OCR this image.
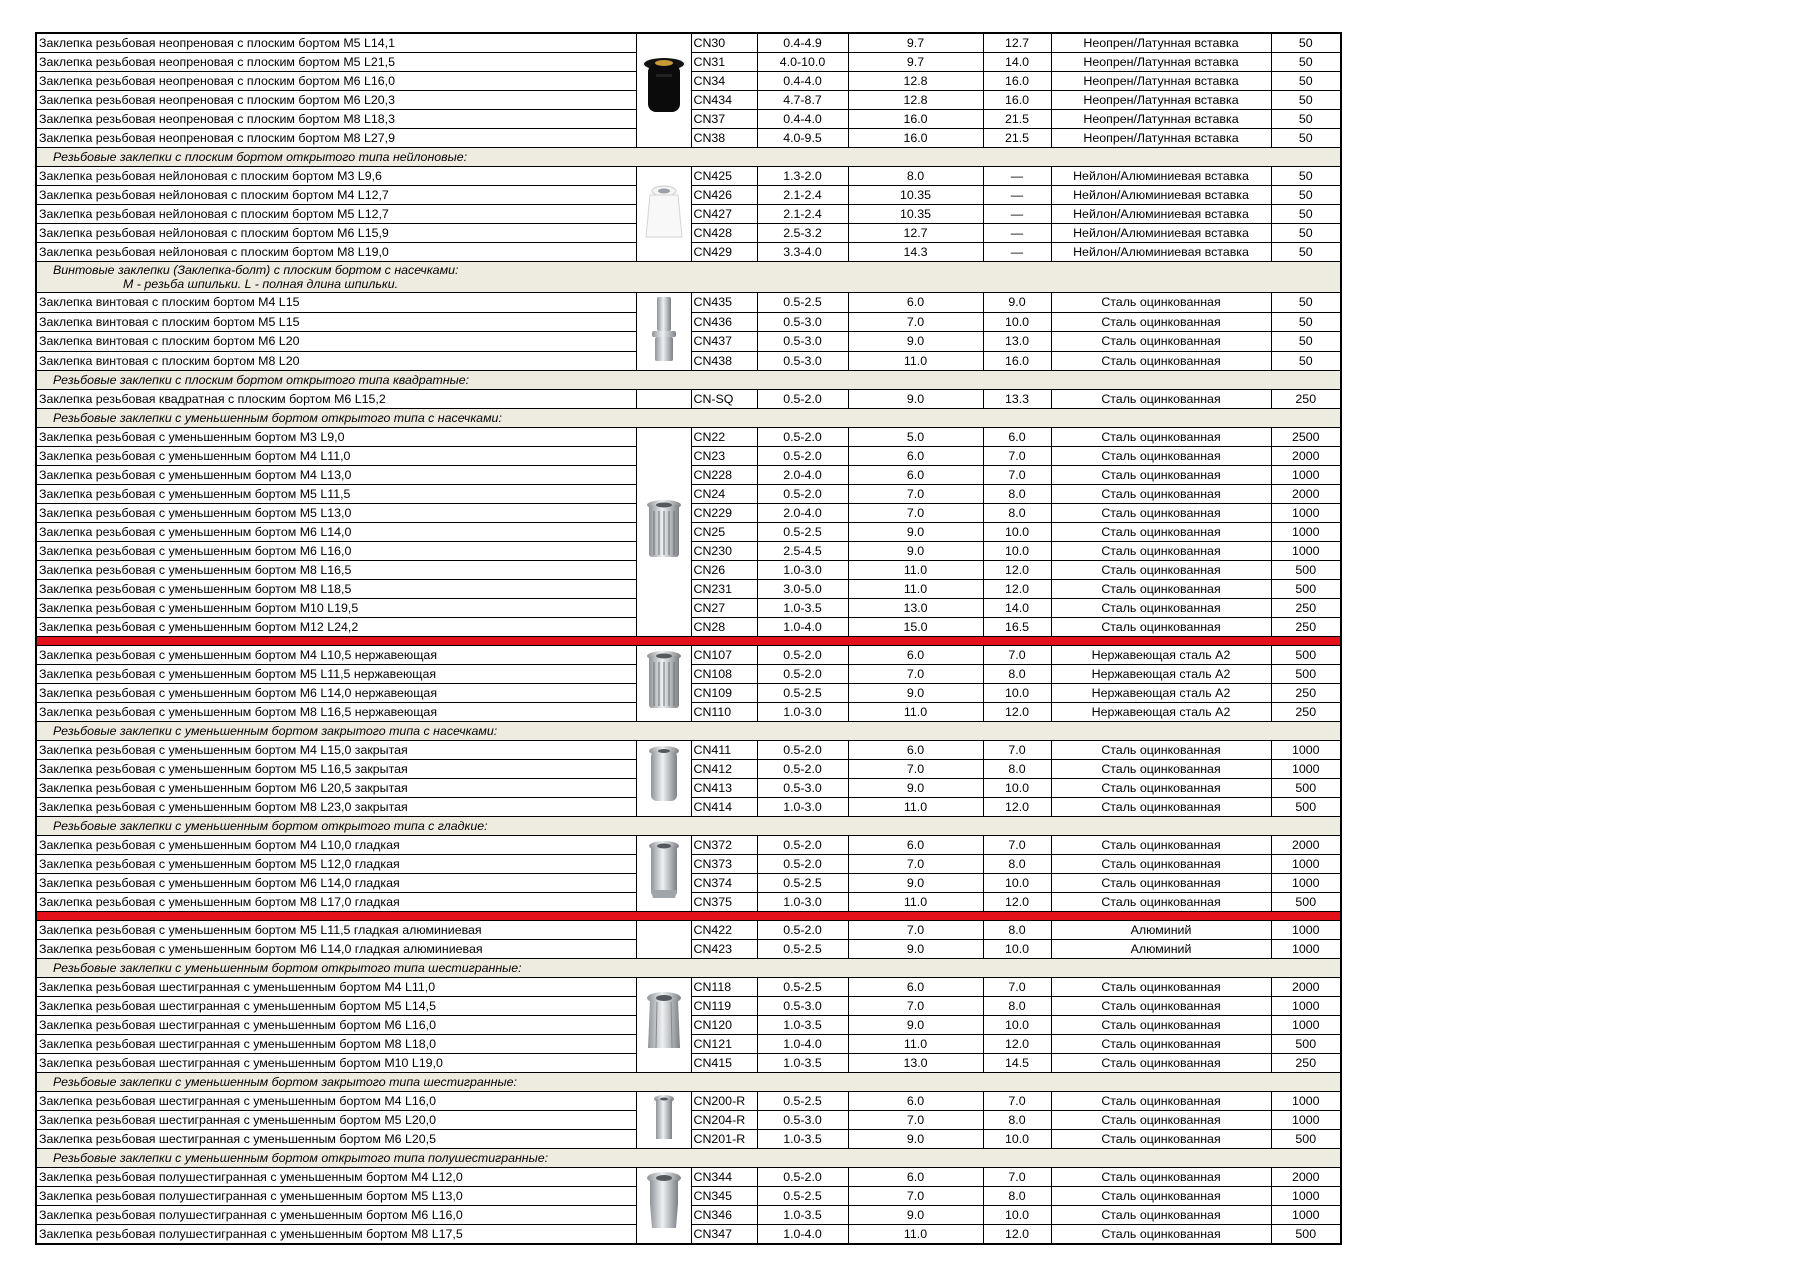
Заклепка резьбовая неопреновая с плоским бортом М5 L14,1		CN30	0.4-4.9	9.7	12.7	Неопрен/Латунная вставка	50
Заклепка резьбовая неопреновая с плоским бортом М5 L21,5		CN31	4.0-10.0	9.7	14.0	Неопрен/Латунная вставка	50
Заклепка резьбовая неопреновая с плоским бортом М6 L16,0		CN34	0.4-4.0	12.8	16.0	Неопрен/Латунная вставка	50
Заклепка резьбовая неопреновая с плоским бортом М6 L20,3		CN434	4.7-8.7	12.8	16.0	Неопрен/Латунная вставка	50
Заклепка резьбовая неопреновая с плоским бортом М8 L18,3		CN37	0.4-4.0	16.0	21.5	Неопрен/Латунная вставка	50
Заклепка резьбовая неопреновая с плоским бортом М8 L27,9		CN38	4.0-9.5	16.0	21.5	Неопрен/Латунная вставка	50
Резьбовые заклепки с плоским бортом открытого типа нейлоновые:							
Заклепка резьбовая нейлоновая с плоским бортом М3 L9,6		CN425	1.3-2.0	8.0	—	Нейлон/Алюминиевая вставка	50
Заклепка резьбовая нейлоновая с плоским бортом М4 L12,7		CN426	2.1-2.4	10.35	—	Нейлон/Алюминиевая вставка	50
Заклепка резьбовая нейлоновая с плоским бортом М5 L12,7		CN427	2.1-2.4	10.35	—	Нейлон/Алюминиевая вставка	50
Заклепка резьбовая нейлоновая с плоским бортом М6 L15,9		CN428	2.5-3.2	12.7	—	Нейлон/Алюминиевая вставка	50
Заклепка резьбовая нейлоновая с плоским бортом М8 L19,0		CN429	3.3-4.0	14.3	—	Нейлон/Алюминиевая вставка	50
Винтовые заклепки (Заклепка-болт) с плоским бортом с насечками:
M - резьба шпильки. L - полная длина шпильки.							

Заклепка винтовая с плоским бортом М4 L15		CN435	0.5-2.5	6.0	9.0	Сталь оцинкованная	50
Заклепка винтовая с плоским бортом М5 L15		CN436	0.5-3.0	7.0	10.0	Сталь оцинкованная	50
Заклепка винтовая с плоским бортом М6 L20		CN437	0.5-3.0	9.0	13.0	Сталь оцинкованная	50
Заклепка винтовая с плоским бортом М8 L20		CN438	0.5-3.0	11.0	16.0	Сталь оцинкованная	50
Резьбовые заклепки с плоским бортом открытого типа квадратные:							
Заклепка резьбовая квадратная с плоским бортом М6 L15,2		CN-SQ	0.5-2.0	9.0	13.3	Сталь оцинкованная	250
Резьбовые заклепки с уменьшенным бортом открытого типа с насечками:							
Заклепка резьбовая с уменьшенным бортом М3 L9,0		CN22	0.5-2.0	5.0	6.0	Сталь оцинкованная	2500
Заклепка резьбовая с уменьшенным бортом М4 L11,0		CN23	0.5-2.0	6.0	7.0	Сталь оцинкованная	2000
Заклепка резьбовая с уменьшенным бортом М4 L13,0		CN228	2.0-4.0	6.0	7.0	Сталь оцинкованная	1000
Заклепка резьбовая с уменьшенным бортом М5 L11,5		CN24	0.5-2.0	7.0	8.0	Сталь оцинкованная	2000
Заклепка резьбовая с уменьшенным бортом М5 L13,0		CN229	2.0-4.0	7.0	8.0	Сталь оцинкованная	1000
Заклепка резьбовая с уменьшенным бортом М6 L14,0		CN25	0.5-2.5	9.0	10.0	Сталь оцинкованная	1000
Заклепка резьбовая с уменьшенным бортом М6 L16,0		CN230	2.5-4.5	9.0	10.0	Сталь оцинкованная	1000
Заклепка резьбовая с уменьшенным бортом М8 L16,5		CN26	1.0-3.0	11.0	12.0	Сталь оцинкованная	500
Заклепка резьбовая с уменьшенным бортом М8 L18,5		CN231	3.0-5.0	11.0	12.0	Сталь оцинкованная	500
Заклепка резьбовая с уменьшенным бортом М10 L19,5		CN27	1.0-3.5	13.0	14.0	Сталь оцинкованная	250
Заклепка резьбовая с уменьшенным бортом М12 L24,2		CN28	1.0-4.0	15.0	16.5	Сталь оцинкованная	250

Заклепка резьбовая с уменьшенным бортом М4 L10,5 нержавеющая		CN107	0.5-2.0	6.0	7.0	Нержавеющая сталь А2	500
Заклепка резьбовая с уменьшенным бортом М5 L11,5 нержавеющая		CN108	0.5-2.0	7.0	8.0	Нержавеющая сталь А2	500
Заклепка резьбовая с уменьшенным бортом М6 L14,0 нержавеющая		CN109	0.5-2.5	9.0	10.0	Нержавеющая сталь А2	250
Заклепка резьбовая с уменьшенным бортом М8 L16,5 нержавеющая		CN110	1.0-3.0	11.0	12.0	Нержавеющая сталь А2	250
Резьбовые заклепки с уменьшенным бортом закрытого типа с насечками:							
Заклепка резьбовая с уменьшенным бортом М4 L15,0 закрытая		CN411	0.5-2.0	6.0	7.0	Сталь оцинкованная	1000
Заклепка резьбовая с уменьшенным бортом М5 L16,5 закрытая		CN412	0.5-2.0	7.0	8.0	Сталь оцинкованная	1000
Заклепка резьбовая с уменьшенным бортом М6 L20,5 закрытая		CN413	0.5-3.0	9.0	10.0	Сталь оцинкованная	500
Заклепка резьбовая с уменьшенным бортом М8 L23,0 закрытая		CN414	1.0-3.0	11.0	12.0	Сталь оцинкованная	500
Резьбовые заклепки с уменьшенным бортом открытого типа с гладкие:							
Заклепка резьбовая с уменьшенным бортом М4 L10,0 гладкая		CN372	0.5-2.0	6.0	7.0	Сталь оцинкованная	2000
Заклепка резьбовая с уменьшенным бортом М5 L12,0 гладкая		CN373	0.5-2.0	7.0	8.0	Сталь оцинкованная	1000
Заклепка резьбовая с уменьшенным бортом М6 L14,0 гладкая		CN374	0.5-2.5	9.0	10.0	Сталь оцинкованная	1000
Заклепка резьбовая с уменьшенным бортом М8 L17,0 гладкая		CN375	1.0-3.0	11.0	12.0	Сталь оцинкованная	500

Заклепка резьбовая с уменьшенным бортом М5 L11,5 гладкая алюминиевая		CN422	0.5-2.0	7.0	8.0	Алюминий	1000
Заклепка резьбовая с уменьшенным бортом М6 L14,0 гладкая алюминиевая		CN423	0.5-2.5	9.0	10.0	Алюминий	1000
Резьбовые заклепки с уменьшенным бортом открытого типа шестигранные:							
Заклепка резьбовая шестигранная с уменьшенным бортом М4 L11,0		CN118	0.5-2.5	6.0	7.0	Сталь оцинкованная	2000
Заклепка резьбовая шестигранная с уменьшенным бортом М5 L14,5		CN119	0.5-3.0	7.0	8.0	Сталь оцинкованная	1000
Заклепка резьбовая шестигранная с уменьшенным бортом М6 L16,0		CN120	1.0-3.5	9.0	10.0	Сталь оцинкованная	1000
Заклепка резьбовая шестигранная с уменьшенным бортом М8 L18,0		CN121	1.0-4.0	11.0	12.0	Сталь оцинкованная	500
Заклепка резьбовая шестигранная с уменьшенным бортом М10 L19,0		CN415	1.0-3.5	13.0	14.5	Сталь оцинкованная	250
Резьбовые заклепки с уменьшенным бортом закрытого типа шестигранные:							
Заклепка резьбовая шестигранная с уменьшенным бортом М4 L16,0		CN200-R	0.5-2.5	6.0	7.0	Сталь оцинкованная	1000
Заклепка резьбовая шестигранная с уменьшенным бортом М5 L20,0		CN204-R	0.5-3.0	7.0	8.0	Сталь оцинкованная	1000
Заклепка резьбовая шестигранная с уменьшенным бортом М6 L20,5		CN201-R	1.0-3.5	9.0	10.0	Сталь оцинкованная	500
Резьбовые заклепки с уменьшенным бортом открытого типа полушестигранные:							
Заклепка резьбовая полушестигранная с уменьшенным бортом М4 L12,0		CN344	0.5-2.0	6.0	7.0	Сталь оцинкованная	2000
Заклепка резьбовая полушестигранная с уменьшенным бортом М5 L13,0		CN345	0.5-2.5	7.0	8.0	Сталь оцинкованная	1000
Заклепка резьбовая полушестигранная с уменьшенным бортом М6 L16,0		CN346	1.0-3.5	9.0	10.0	Сталь оцинкованная	1000
Заклепка резьбовая полушестигранная с уменьшенным бортом М8 L17,5		CN347	1.0-4.0	11.0	12.0	Сталь оцинкованная	500
